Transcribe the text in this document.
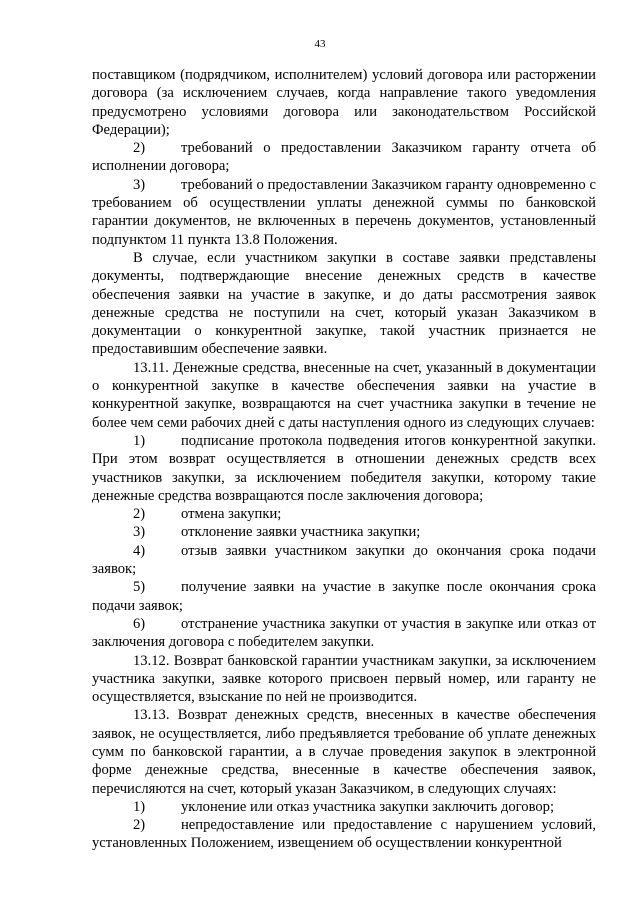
43

поставщиком (подрядчиком, исполнителем) условий договора или расторжении договора (за исключением случаев, когда направление такого уведомления предусмотрено условиями договора или законодательством Российской Федерации);

2) требований о предоставлении Заказчиком гаранту отчета об исполнении договора;

3) требований о предоставлении Заказчиком гаранту одновременно с требованием об осуществлении уплаты денежной суммы по банковской гарантии документов, не включенных в перечень документов, установленный подпунктом 11 пункта 13.8 Положения.

В случае, если участником закупки в составе заявки представлены документы, подтверждающие внесение денежных средств в качестве обеспечения заявки на участие в закупке, и до даты рассмотрения заявок денежные средства не поступили на счет, который указан Заказчиком в документации о конкурентной закупке, такой участник признается не предоставившим обеспечение заявки.

13.11. Денежные средства, внесенные на счет, указанный в документации о конкурентной закупке в качестве обеспечения заявки на участие в конкурентной закупке, возвращаются на счет участника закупки в течение не более чем семи рабочих дней с даты наступления одного из следующих случаев:

1) подписание протокола подведения итогов конкурентной закупки. При этом возврат осуществляется в отношении денежных средств всех участников закупки, за исключением победителя закупки, которому такие денежные средства возвращаются после заключения договора;

2) отмена закупки;

3) отклонение заявки участника закупки;

4) отзыв заявки участником закупки до окончания срока подачи заявок;

5) получение заявки на участие в закупке после окончания срока подачи заявок;

6) отстранение участника закупки от участия в закупке или отказ от заключения договора с победителем закупки.

13.12. Возврат банковской гарантии участникам закупки, за исключением участника закупки, заявке которого присвоен первый номер, или гаранту не осуществляется, взыскание по ней не производится.

13.13. Возврат денежных средств, внесенных в качестве обеспечения заявок, не осуществляется, либо предъявляется требование об уплате денежных сумм по банковской гарантии, а в случае проведения закупок в электронной форме денежные средства, внесенные в качестве обеспечения заявок, перечисляются на счет, который указан Заказчиком, в следующих случаях:

1) уклонение или отказ участника закупки заключить договор;

2) непредоставление или предоставление с нарушением условий, установленных Положением, извещением об осуществлении конкурентной
